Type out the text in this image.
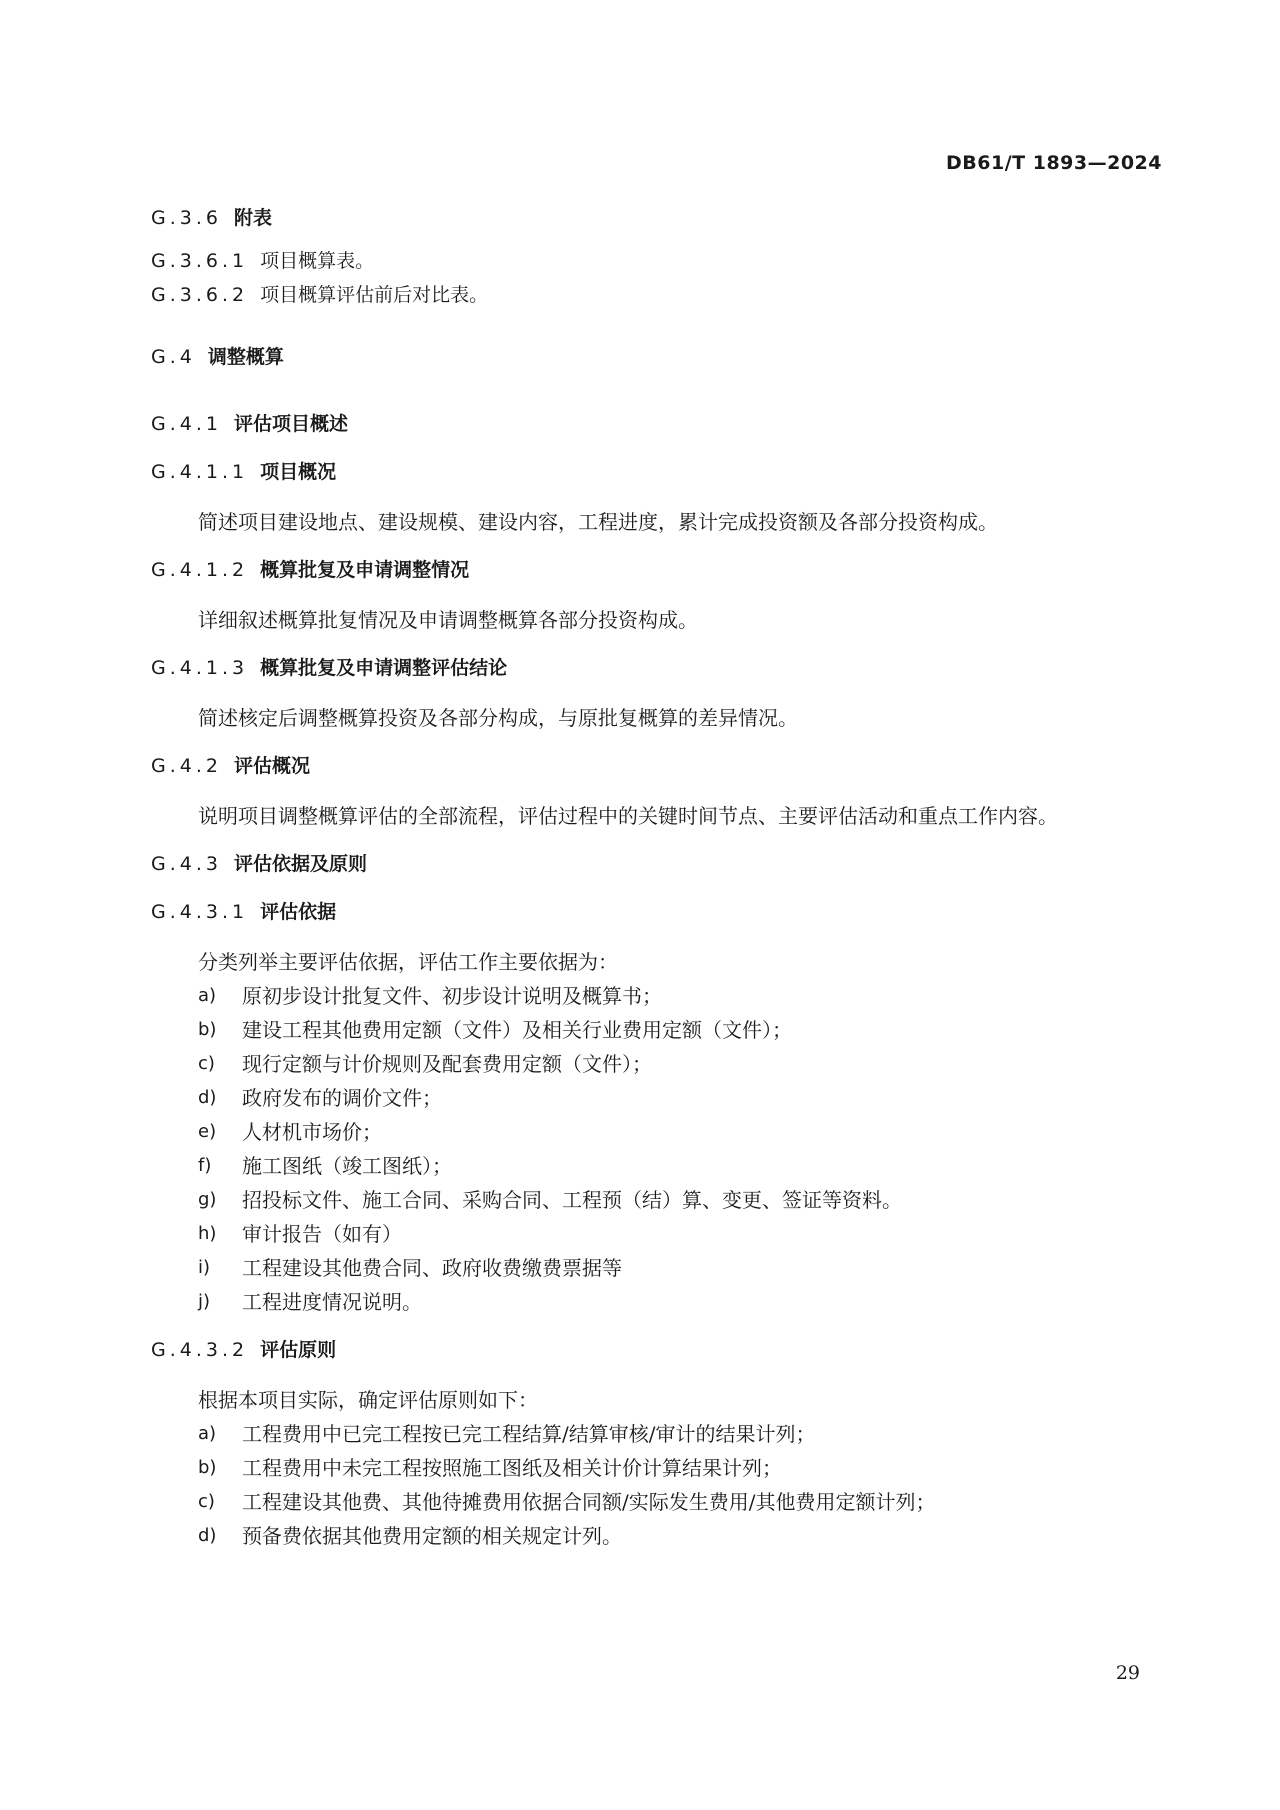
DB61/T 1893—2024
G.3.6 附表
G.3.6.1 项目概算表。
G.3.6.2 项目概算评估前后对比表。
G.4 调整概算
G.4.1 评估项目概述
G.4.1.1 项目概况
简述项目建设地点、建设规模、建设内容，工程进度，累计完成投资额及各部分投资构成。
G.4.1.2 概算批复及申请调整情况
详细叙述概算批复情况及申请调整概算各部分投资构成。
G.4.1.3 概算批复及申请调整评估结论
简述核定后调整概算投资及各部分构成，与原批复概算的差异情况。
G.4.2 评估概况
说明项目调整概算评估的全部流程，评估过程中的关键时间节点、主要评估活动和重点工作内容。
G.4.3 评估依据及原则
G.4.3.1 评估依据
分类列举主要评估依据，评估工作主要依据为：
a)	原初步设计批复文件、初步设计说明及概算书；
b)	建设工程其他费用定额（文件）及相关行业费用定额（文件）；
c)	现行定额与计价规则及配套费用定额（文件）；
d)	政府发布的调价文件；
e)	人材机市场价；
f)	施工图纸（竣工图纸）；
g)	招投标文件、施工合同、采购合同、工程预（结）算、变更、签证等资料。
h)	审计报告（如有）
i)	工程建设其他费合同、政府收费缴费票据等
j)	工程进度情况说明。
G.4.3.2 评估原则
根据本项目实际，确定评估原则如下：
a)	工程费用中已完工程按已完工程结算/结算审核/审计的结果计列；
b)	工程费用中未完工程按照施工图纸及相关计价计算结果计列；
c)	工程建设其他费、其他待摊费用依据合同额/实际发生费用/其他费用定额计列；
d)	预备费依据其他费用定额的相关规定计列。
29
